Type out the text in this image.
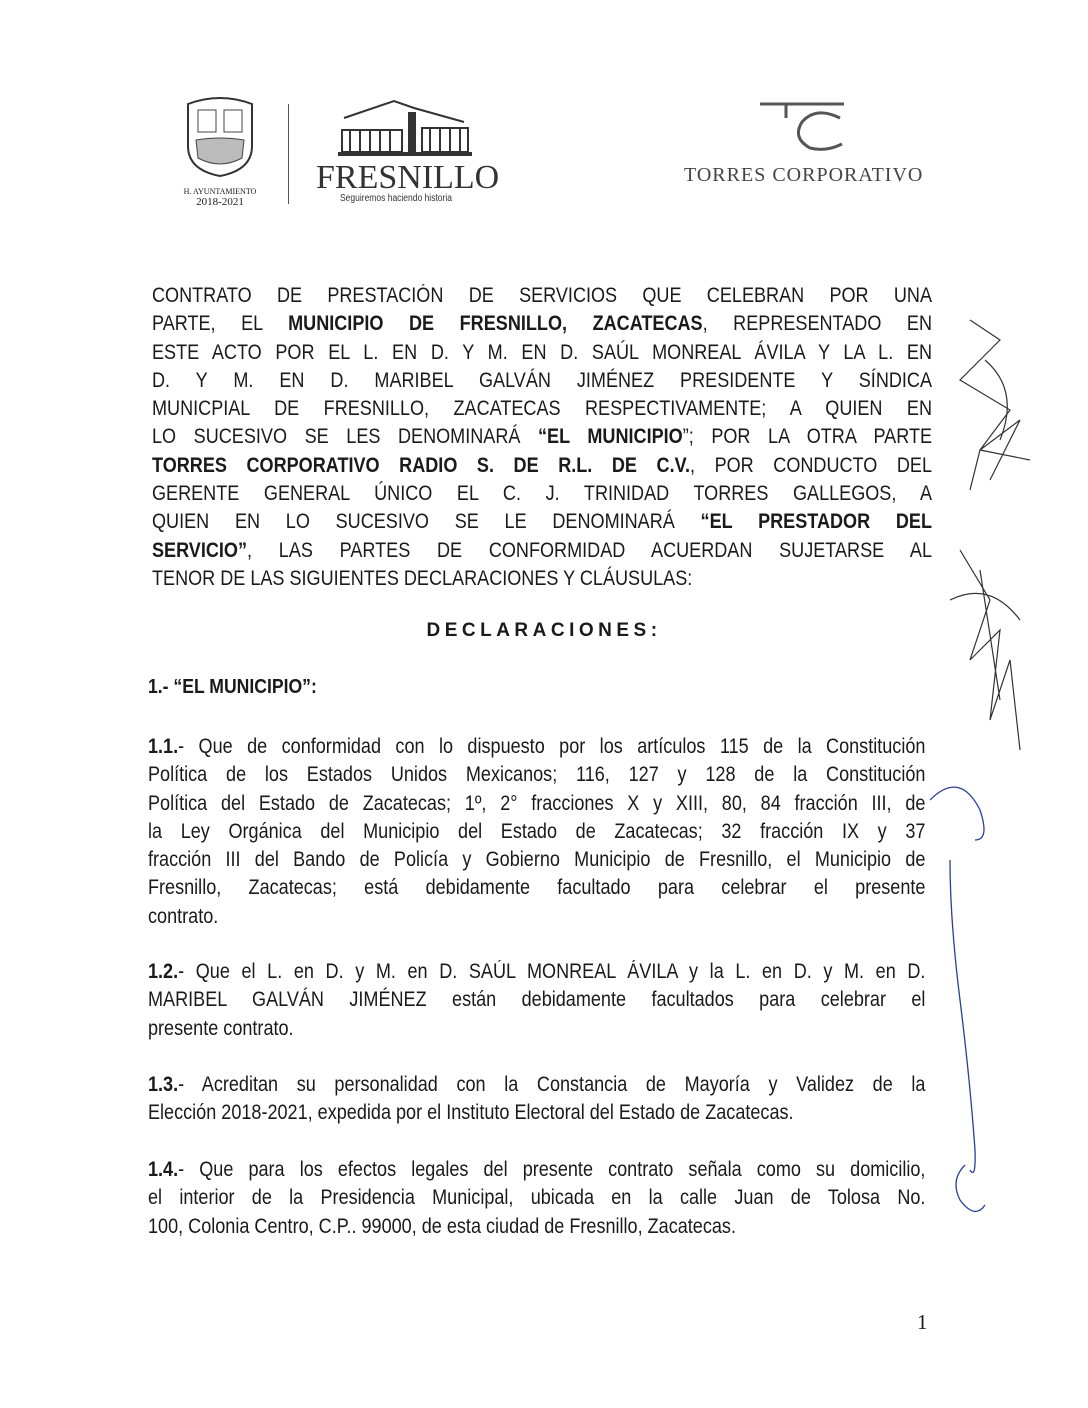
H. AYUNTAMIENTO
2018-2021
FRESNILLO
Seguiremos haciendo historia
TORRES CORPORATIVO
CONTRATO DE PRESTACIÓN DE SERVICIOS QUE CELEBRAN POR UNA
PARTE, EL MUNICIPIO DE FRESNILLO, ZACATECAS, REPRESENTADO EN
ESTE ACTO POR EL L. EN D. Y M. EN D. SAÚL MONREAL ÁVILA Y LA L. EN
D. Y M. EN D. MARIBEL GALVÁN JIMÉNEZ PRESIDENTE Y SÍNDICA
MUNICPIAL DE FRESNILLO, ZACATECAS RESPECTIVAMENTE; A QUIEN EN
LO SUCESIVO SE LES DENOMINARÁ “EL MUNICIPIO”; POR LA OTRA PARTE
TORRES CORPORATIVO RADIO S. DE R.L. DE C.V., POR CONDUCTO DEL
GERENTE GENERAL ÚNICO EL C. J. TRINIDAD TORRES GALLEGOS, A
QUIEN EN LO SUCESIVO SE LE DENOMINARÁ “EL PRESTADOR DEL
SERVICIO”, LAS PARTES DE CONFORMIDAD ACUERDAN SUJETARSE AL
TENOR DE LAS SIGUIENTES DECLARACIONES Y CLÁUSULAS:
DECLARACIONES:
1.- “EL MUNICIPIO”:
1.1.- Que de conformidad con lo dispuesto por los artículos 115 de la Constitución
Política de los Estados Unidos Mexicanos; 116, 127 y 128 de la Constitución
Política del Estado de Zacatecas; 1º, 2° fracciones X y XIII, 80, 84 fracción III, de
la Ley Orgánica del Municipio del Estado de Zacatecas; 32 fracción IX y 37
fracción III del Bando de Policía y Gobierno Municipio de Fresnillo, el Municipio de
Fresnillo, Zacatecas; está debidamente facultado para celebrar el presente
contrato.
1.2.- Que el L. en D. y M. en D. SAÚL MONREAL ÁVILA y la L. en D. y M. en D.
MARIBEL GALVÁN JIMÉNEZ están debidamente facultados para celebrar el
presente contrato.
1.3.- Acreditan su personalidad con la Constancia de Mayoría y Validez de la
Elección 2018-2021, expedida por el Instituto Electoral del Estado de Zacatecas.
1.4.- Que para los efectos legales del presente contrato señala como su domicilio,
el interior de la Presidencia Municipal, ubicada en la calle Juan de Tolosa No.
100, Colonia Centro, C.P.. 99000, de esta ciudad de Fresnillo, Zacatecas.
1
